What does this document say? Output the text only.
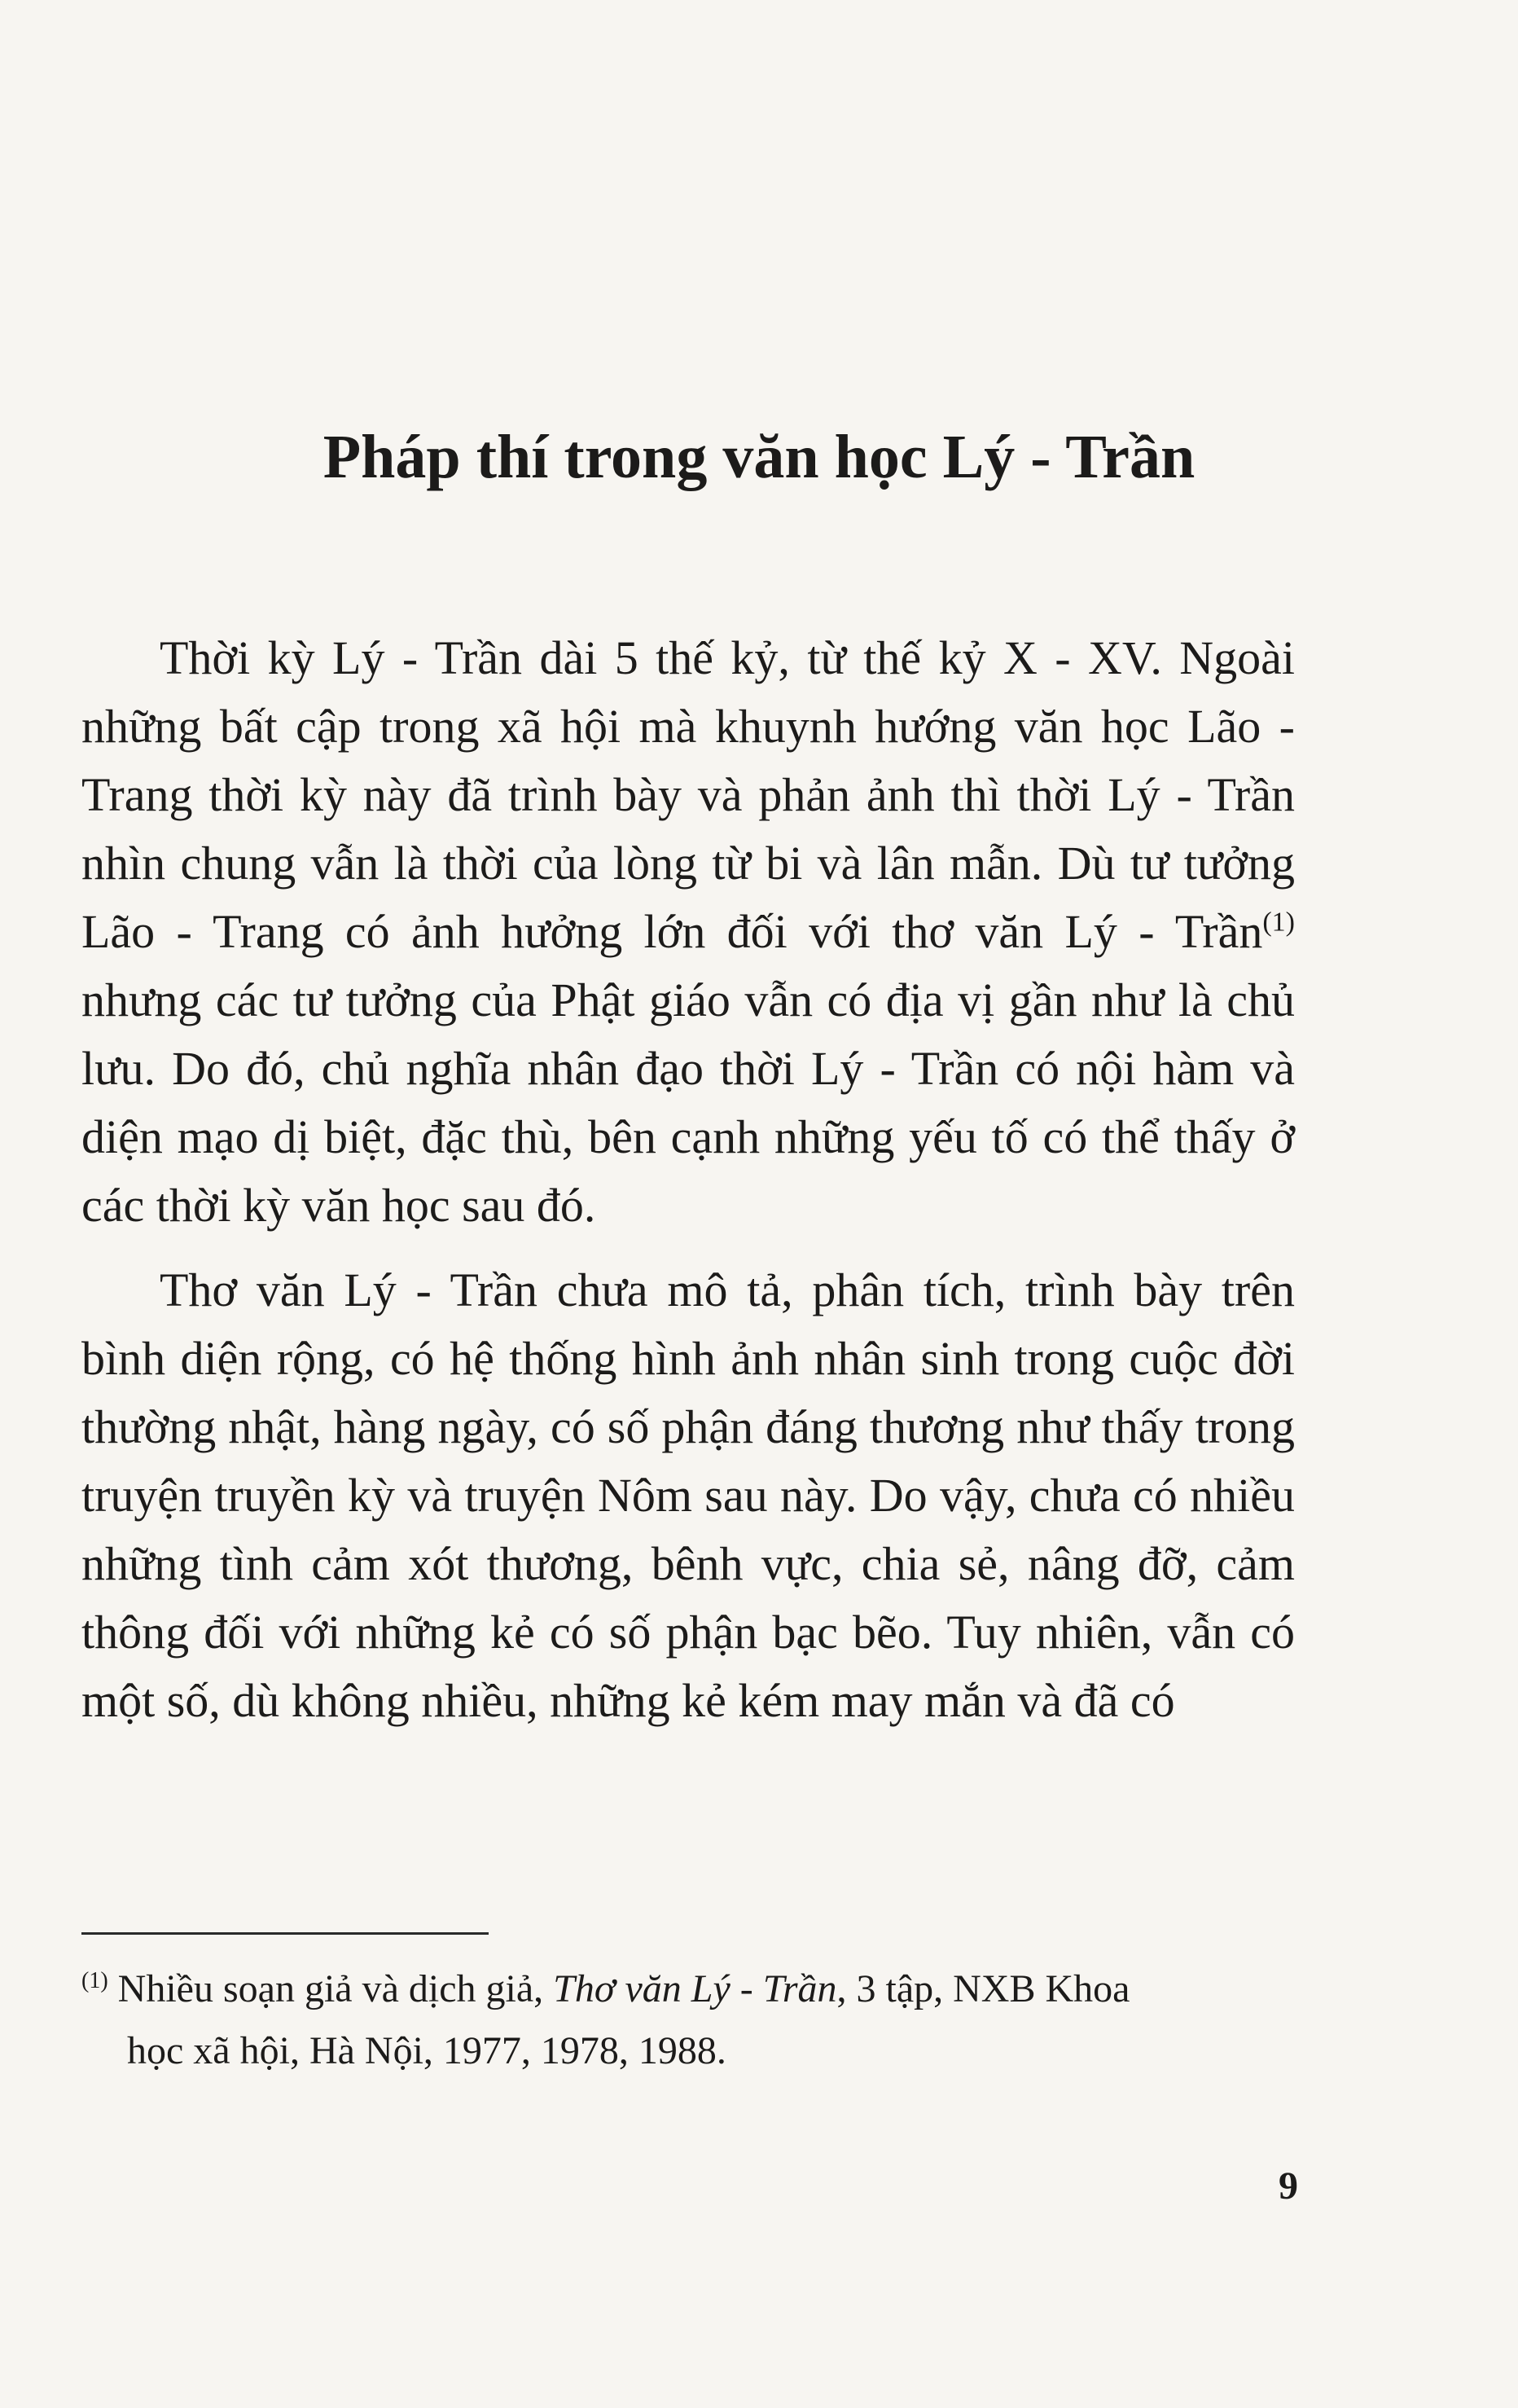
Pháp thí trong văn học Lý - Trần

Thời kỳ Lý - Trần dài 5 thế kỷ, từ thế kỷ X - XV. Ngoài những bất cập trong xã hội mà khuynh hướng văn học Lão - Trang thời kỳ này đã trình bày và phản ảnh thì thời Lý - Trần nhìn chung vẫn là thời của lòng từ bi và lân mẫn. Dù tư tưởng Lão - Trang có ảnh hưởng lớn đối với thơ văn Lý - Trần$^{(1)}$ nhưng các tư tưởng của Phật giáo vẫn có địa vị gần như là chủ lưu. Do đó, chủ nghĩa nhân đạo thời Lý - Trần có nội hàm và diện mạo dị biệt, đặc thù, bên cạnh những yếu tố có thể thấy ở các thời kỳ văn học sau đó.

Thơ văn Lý - Trần chưa mô tả, phân tích, trình bày trên bình diện rộng, có hệ thống hình ảnh nhân sinh trong cuộc đời thường nhật, hàng ngày, có số phận đáng thương như thấy trong truyện truyền kỳ và truyện Nôm sau này. Do vậy, chưa có nhiều những tình cảm xót thương, bênh vực, chia sẻ, nâng đỡ, cảm thông đối với những kẻ có số phận bạc bẽo. Tuy nhiên, vẫn có một số, dù không nhiều, những kẻ kém may mắn và đã có

$^{(1)}$ Nhiều soạn giả và dịch giả, Thơ văn Lý - Trần, 3 tập, NXB Khoa
học xã hội, Hà Nội, 1977, 1978, 1988.

9
